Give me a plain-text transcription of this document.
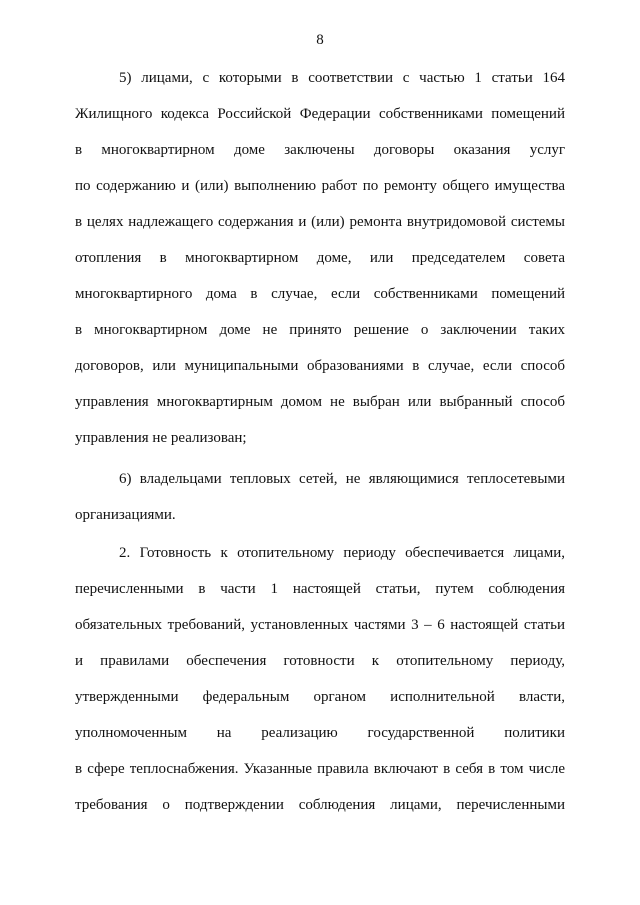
8
5) лицами, с которыми в соответствии с частью 1 статьи 164
Жилищного кодекса Российской Федерации собственниками помещений
в многоквартирном доме заключены договоры оказания услуг
по содержанию и (или) выполнению работ по ремонту общего имущества
в целях надлежащего содержания и (или) ремонта внутридомовой системы
отопления в многоквартирном доме, или председателем совета
многоквартирного дома в случае, если собственниками помещений
в многоквартирном доме не принято решение о заключении таких
договоров, или муниципальными образованиями в случае, если способ
управления многоквартирным домом не выбран или выбранный способ
управления не реализован;
6) владельцами тепловых сетей, не являющимися теплосетевыми
организациями.
2. Готовность к отопительному периоду обеспечивается лицами,
перечисленными в части 1 настоящей статьи, путем соблюдения
обязательных требований, установленных частями 3 – 6 настоящей статьи
и правилами обеспечения готовности к отопительному периоду,
утвержденными федеральным органом исполнительной власти,
уполномоченным на реализацию государственной политики
в сфере теплоснабжения. Указанные правила включают в себя в том числе
требования о подтверждении соблюдения лицами, перечисленными
